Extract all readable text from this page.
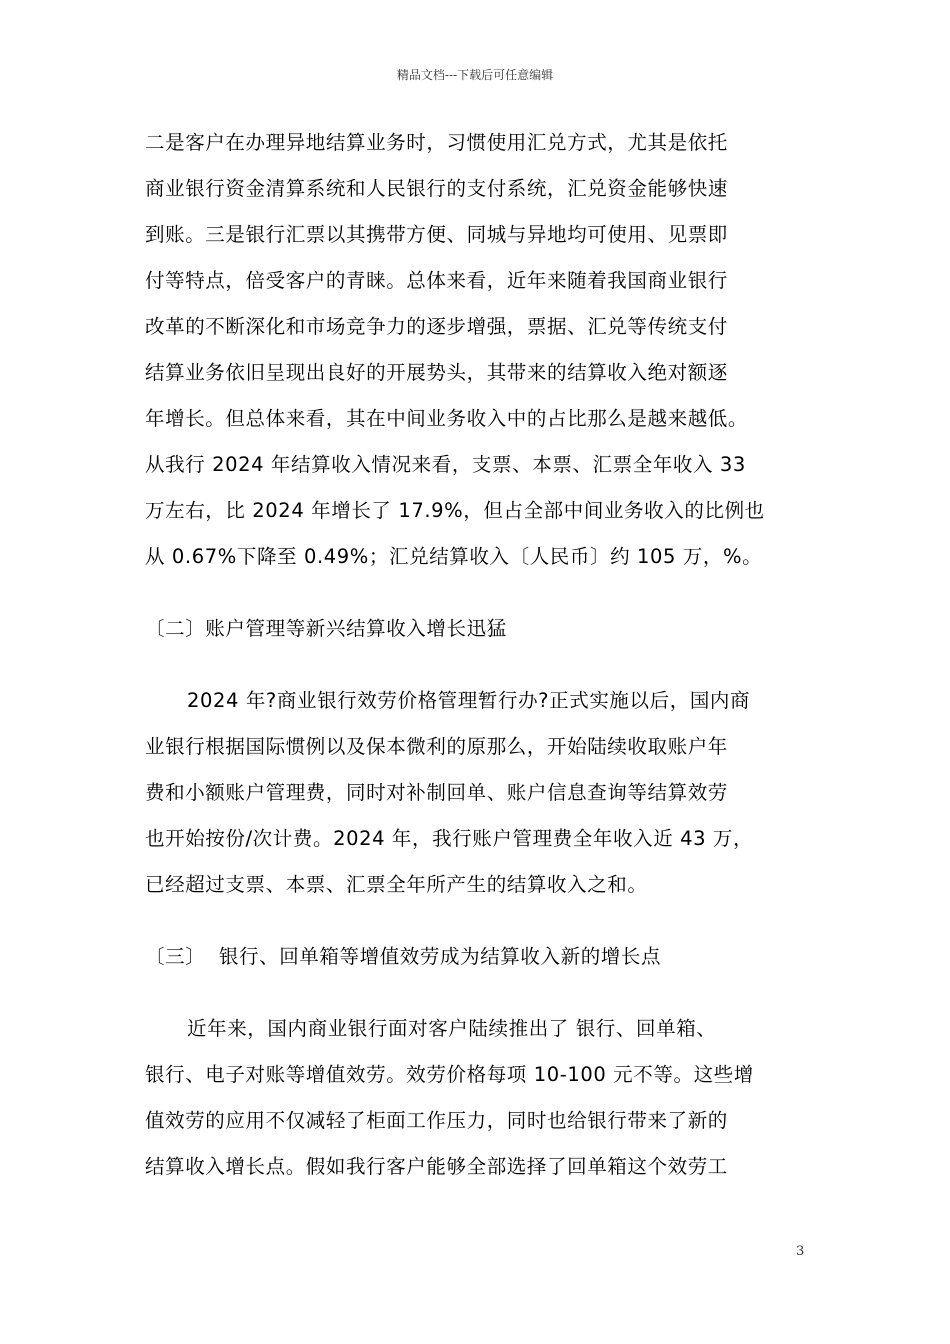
精品文档---下载后可任意编辑
二是客户在办理异地结算业务时，习惯使用汇兑方式，尤其是依托
商业银行资金清算系统和人民银行的支付系统，汇兑资金能够快速
到账。三是银行汇票以其携带方便、同城与异地均可使用、见票即
付等特点，倍受客户的青睐。总体来看，近年来随着我国商业银行
改革的不断深化和市场竞争力的逐步增强，票据、汇兑等传统支付
结算业务依旧呈现出良好的开展势头，其带来的结算收入绝对额逐
年增长。但总体来看，其在中间业务收入中的占比那么是越来越低。
从我行 2024 年结算收入情况来看，支票、本票、汇票全年收入 33
万左右，比 2024 年增长了 17.9%，但占全部中间业务收入的比例也
从 0.67%下降至 0.49%；汇兑结算收入〔人民币〕约 105 万，%。
〔二〕账户管理等新兴结算收入增长迅猛
2024 年?商业银行效劳价格管理暂行办?正式实施以后，国内商
业银行根据国际惯例以及保本微利的原那么，开始陆续收取账户年
费和小额账户管理费，同时对补制回单、账户信息查询等结算效劳
也开始按份/次计费。2024 年，我行账户管理费全年收入近 43 万，
已经超过支票、本票、汇票全年所产生的结算收入之和。
〔三〕  银行、回单箱等增值效劳成为结算收入新的增长点
近年来，国内商业银行面对客户陆续推出了 银行、回单箱、
银行、电子对账等增值效劳。效劳价格每项 10-100 元不等。这些增
值效劳的应用不仅减轻了柜面工作压力，同时也给银行带来了新的
结算收入增长点。假如我行客户能够全部选择了回单箱这个效劳工
3
